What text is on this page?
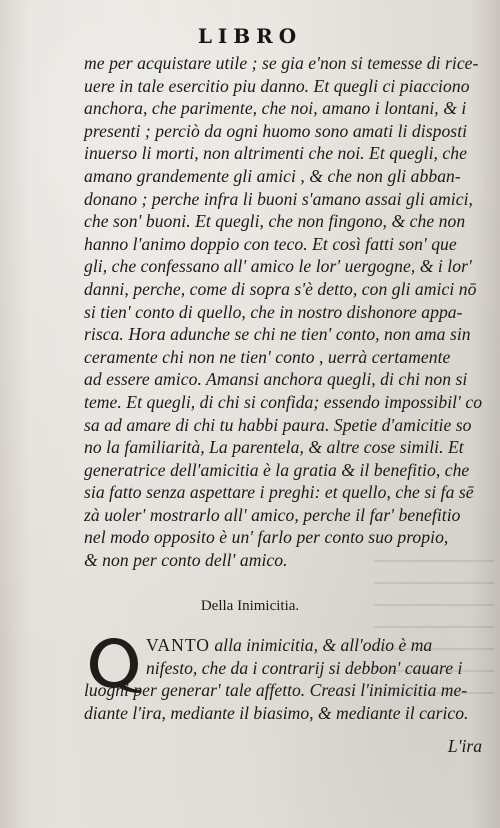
LIBRO
me per acquistare utile ; se gia e'non si temesse di rice-
uere in tale esercitio piu danno. Et quegli ci piacciono
anchora, che parimente, che noi, amano i lontani, & i
presenti ; perciò da ogni huomo sono amati li disposti
inuerso li morti, non altrimenti che noi. Et quegli, che
amano grandemente gli amici , & che non gli abban-
donano ; perche infra li buoni s'amano assai gli amici,
che son' buoni. Et quegli, che non fingono, & che non
hanno l'animo doppio con teco. Et così fatti son' que
gli, che confessano all' amico le lor' uergogne, & i lor'
danni, perche, come di sopra s'è detto, con gli amici nō
si tien' conto di quello, che in nostro dishonore appa-
risca. Hora adunche se chi ne tien' conto, non ama sin
ceramente chi non ne tien' conto , uerrà certamente
ad essere amico. Amansi anchora quegli, di chi non si
teme. Et quegli, di chi si confida; essendo impossibil' co
sa ad amare di chi tu habbi paura. Spetie d'amicitie so
no la familiarità, La parentela, & altre cose simili. Et
generatrice dell'amicitia è la gratia & il benefitio, che
sia fatto senza aspettare i preghi: et quello, che si fa sē
zà uoler' mostrarlo all' amico, perche il far' benefitio
nel modo opposito è un' farlo per conto suo propio,
& non per conto dell' amico.
Della Inimicitia.
VANTO alla inimicitia, & all'odio è ma
nifesto, che da i contrarij si debbon' cauare i
luoghi per generar' tale affetto. Creasi l'inimicitia me-
diante l'ira, mediante il biasimo, & mediante il carico.
L'ira
